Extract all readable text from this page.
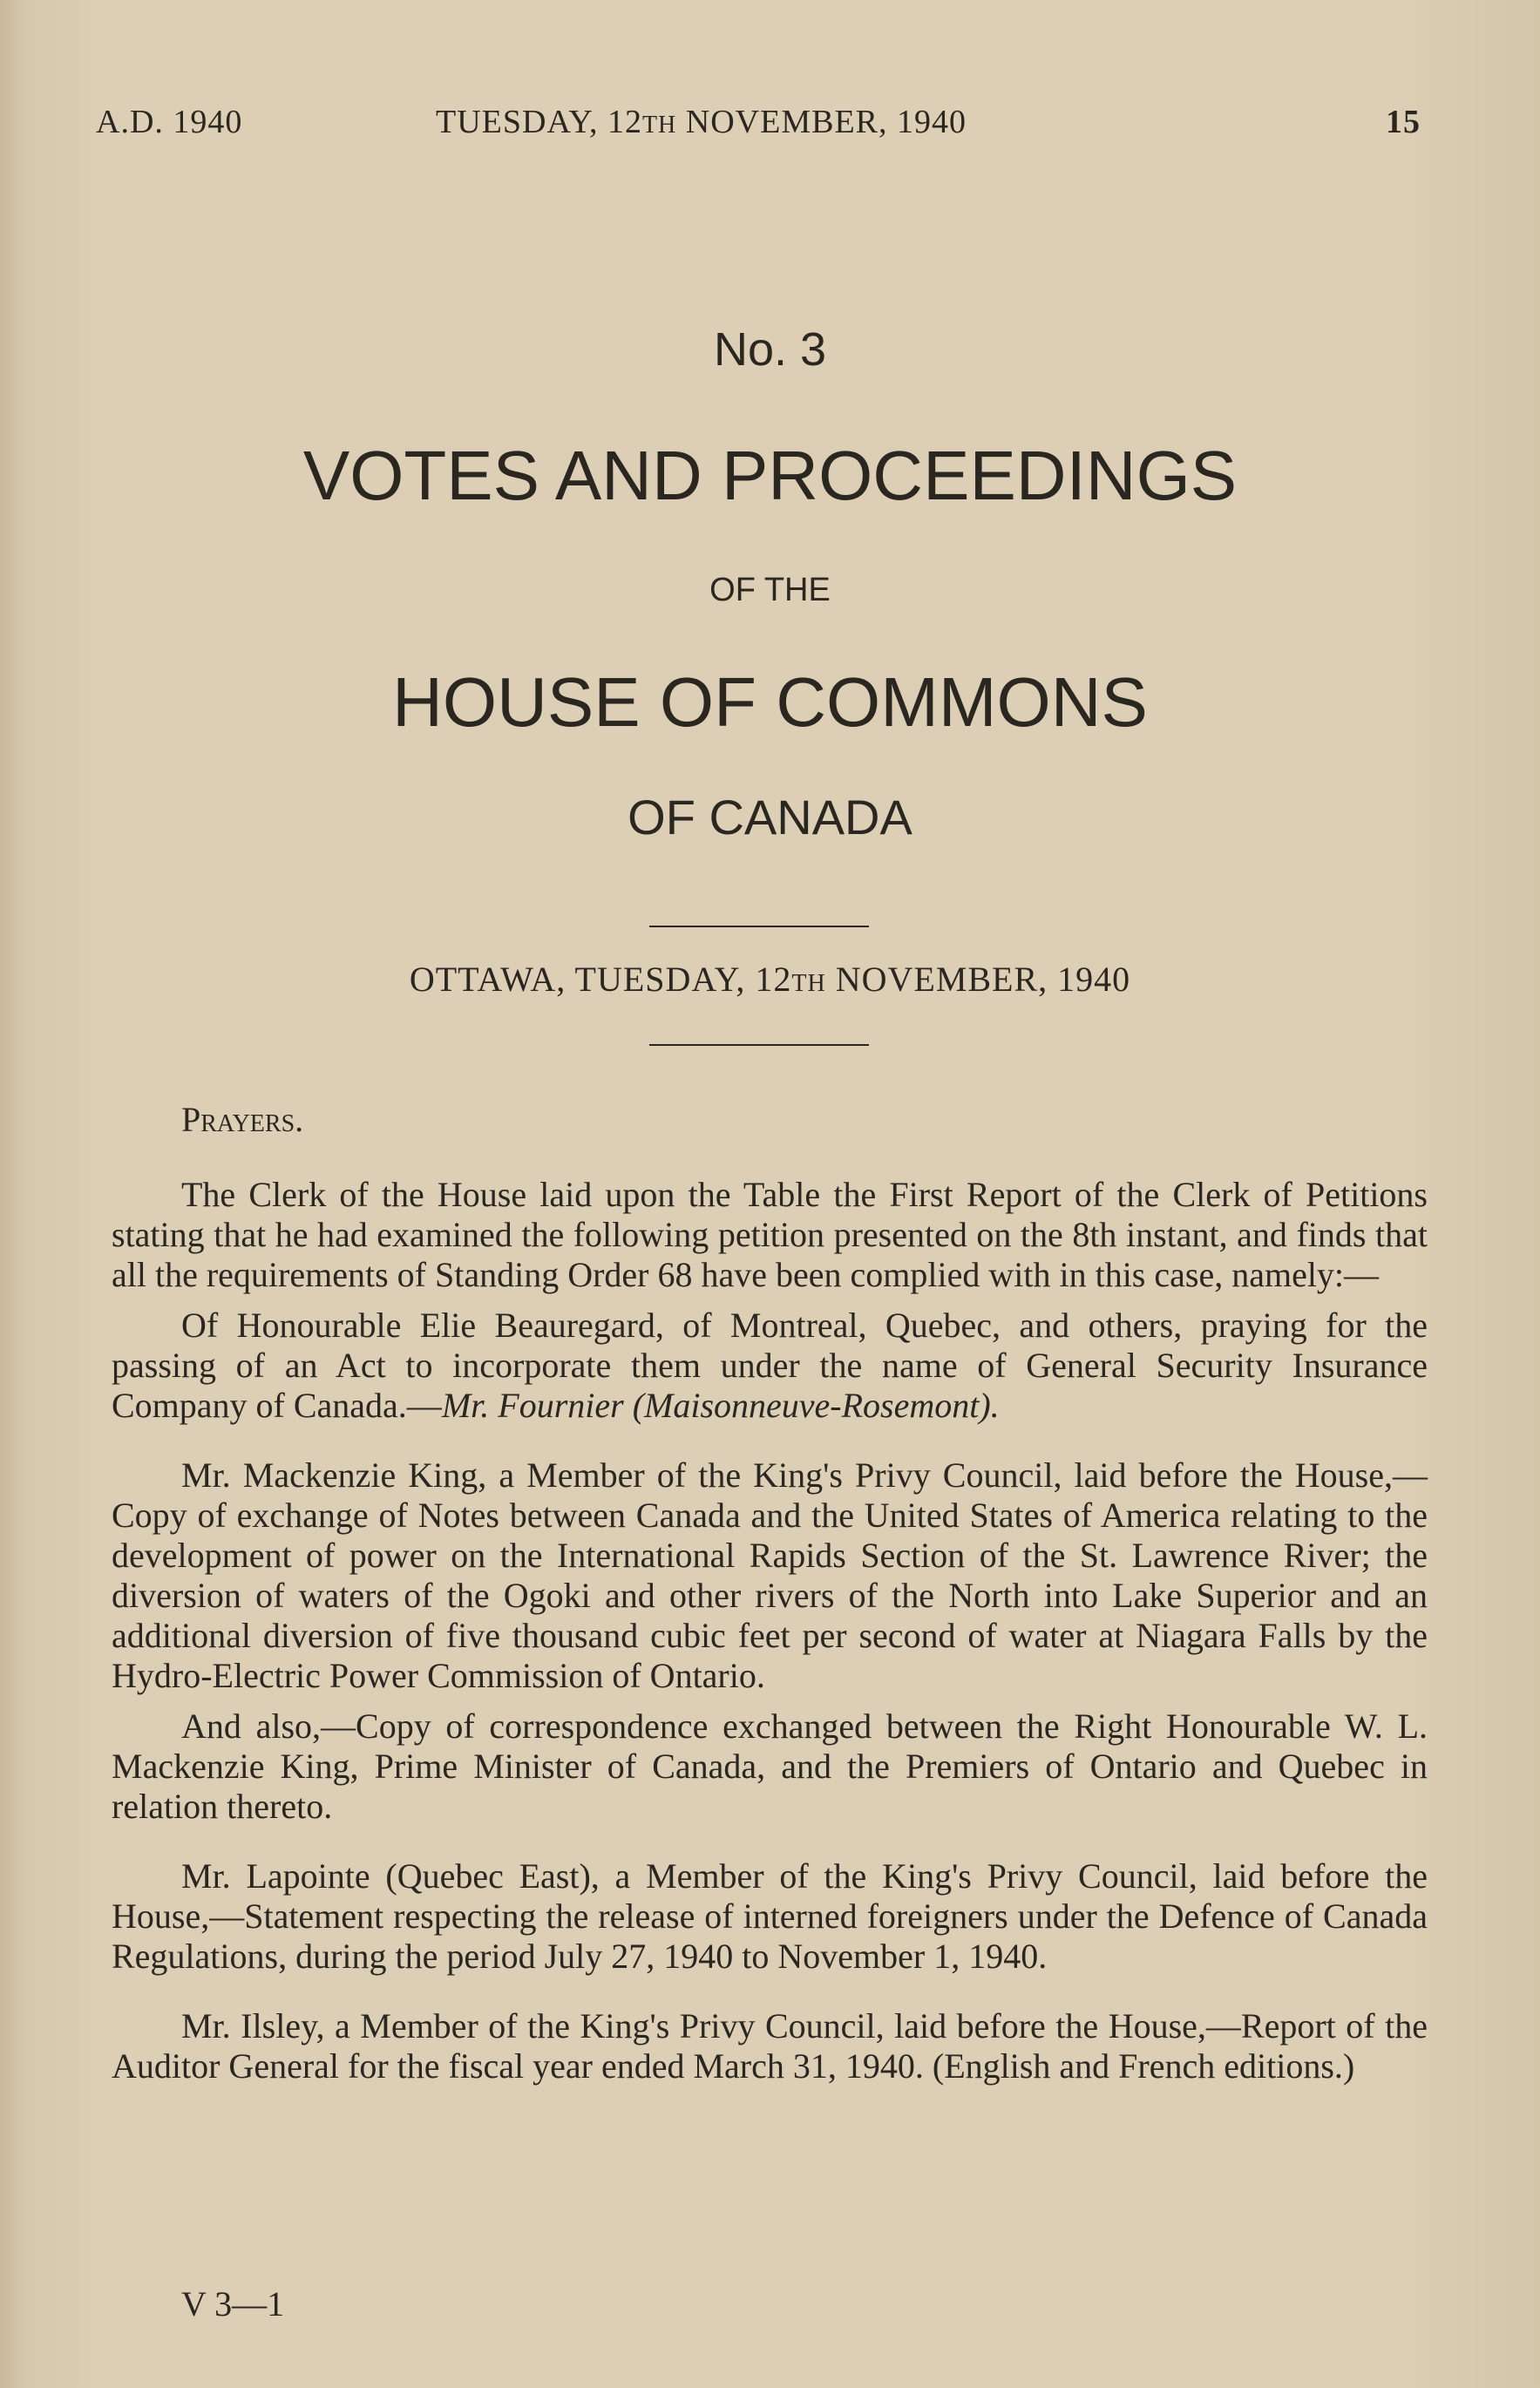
A.D. 1940	TUESDAY, 12TH NOVEMBER, 1940	15
No. 3
VOTES AND PROCEEDINGS
OF THE
HOUSE OF COMMONS
OF CANADA
OTTAWA, TUESDAY, 12TH NOVEMBER, 1940

Prayers.

The Clerk of the House laid upon the Table the First Report of the Clerk of Petitions stating that he had examined the following petition presented on the 8th instant, and finds that all the requirements of Standing Order 68 have been complied with in this case, namely:—

Of Honourable Elie Beauregard, of Montreal, Quebec, and others, praying for the passing of an Act to incorporate them under the name of General Security Insurance Company of Canada.—Mr. Fournier (Maisonneuve-Rosemont).

Mr. Mackenzie King, a Member of the King's Privy Council, laid before the House,—Copy of exchange of Notes between Canada and the United States of America relating to the development of power on the International Rapids Section of the St. Lawrence River; the diversion of waters of the Ogoki and other rivers of the North into Lake Superior and an additional diversion of five thousand cubic feet per second of water at Niagara Falls by the Hydro-Electric Power Commission of Ontario.

And also,—Copy of correspondence exchanged between the Right Honourable W. L. Mackenzie King, Prime Minister of Canada, and the Premiers of Ontario and Quebec in relation thereto.

Mr. Lapointe (Quebec East), a Member of the King's Privy Council, laid before the House,—Statement respecting the release of interned foreigners under the Defence of Canada Regulations, during the period July 27, 1940 to November 1, 1940.

Mr. Ilsley, a Member of the King's Privy Council, laid before the House,—Report of the Auditor General for the fiscal year ended March 31, 1940. (English and French editions.)

V 3—1
